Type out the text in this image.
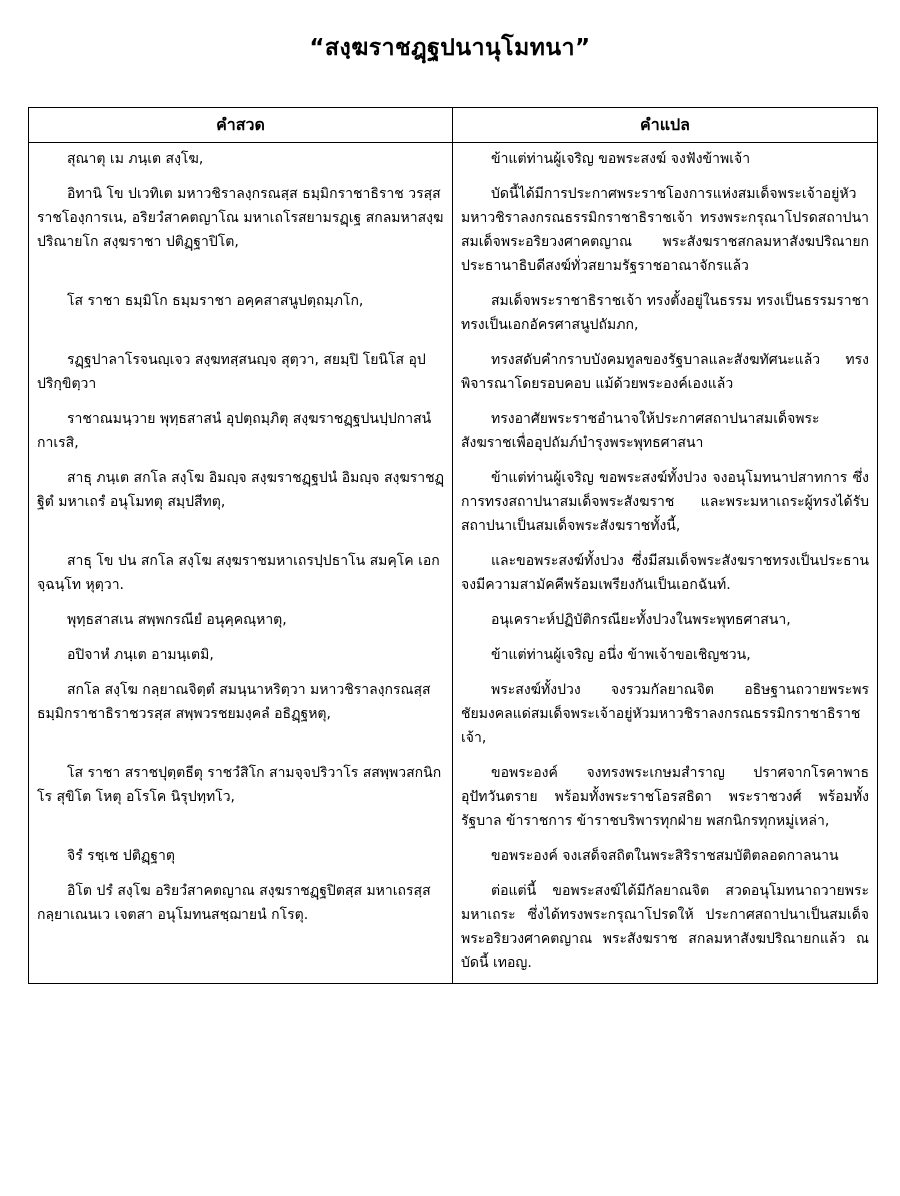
“สงฺฆราชฎฺฐปนานุโมทนา”
คำสวด	คำแปล
สุณาตุ เม ภนฺเต สงฺโฆ,	ข้าแต่ท่านผู้เจริญ ขอพระสงฆ์ จงฟังข้าพเจ้า
อิทานิ โข ปเวทิเต มหาวชิราลงฺกรณสฺส ธมฺมิกราชาธิราช วรสฺส ราชโองฺการเน, อริยวํสาคตญาโณ มหาเถโรสยามรฏฺเฐ สกลมหาสงฺฆปริณายโก สงฺฆราชา ปติฏฺฐาปิโต,	บัดนี้ได้มีการประกาศพระราชโองการแห่งสมเด็จพระเจ้าอยู่หัวมหาวชิราลงกรณธรรมิกราชาธิราชเจ้า ทรงพระกรุณาโปรดสถาปนาสมเด็จพระอริยวงศาคตญาณ พระสังฆราชสกลมหาสังฆปริณายก ประธานาธิบดีสงฆ์ทั่วสยามรัฐราชอาณาจักรแล้ว
โส ราชา ธมฺมิโก ธมฺมราชา อคฺคสาสนูปตฺถมฺภโก,	สมเด็จพระราชาธิราชเจ้า ทรงตั้งอยู่ในธรรม ทรงเป็นธรรมราชา ทรงเป็นเอกอัครศาสนูปถัมภก,
รฏฺฐปาลาโรจนญฺเจว สงฺฆทสฺสนญฺจ สุตฺวา, สยมฺปิ โยนิโส อุปปริกฺขิตฺวา	ทรงสดับคำกราบบังคมทูลของรัฐบาลและสังฆทัศนะแล้ว ทรงพิจารณาโดยรอบคอบ แม้ด้วยพระองค์เองแล้ว
ราชาณมนฺวาย พุทฺธสาสนํ อุปตฺถมฺภิตุ สงฺฆราชฏฺฐปนปฺปกาสนํ กาเรสิ,	ทรงอาศัยพระราชอำนาจให้ประกาศสถาปนาสมเด็จพระสังฆราชเพื่ออุปถัมภ์บำรุงพระพุทธศาสนา
สาธุ ภนฺเต สกโล สงฺโฆ อิมญฺจ สงฺฆราชฏฺฐปนํ อิมญฺจ สงฺฆราชฏฺฐิตํ มหาเถรํ อนุโมทตุ สมฺปสีทตุ,	ข้าแต่ท่านผู้เจริญ ขอพระสงฆ์ทั้งปวง จงอนุโมทนาปสาทการ ซึ่งการทรงสถาปนาสมเด็จพระสังฆราช และพระมหาเถระผู้ทรงได้รับสถาปนาเป็นสมเด็จพระสังฆราชทั้งนี้,
สาธุ โข ปน สกโล สงฺโฆ สงฺฆราชมหาเถรปฺปธาโน สมคฺโค เอกจฺฉนฺโท หุตฺวา.	และขอพระสงฆ์ทั้งปวง ซึ่งมีสมเด็จพระสังฆราชทรงเป็นประธาน จงมีความสามัคคีพร้อมเพรียงกันเป็นเอกฉันท์.
พุทฺธสาสเน สพฺพกรณียํ อนุคฺคณฺหาตุ,	อนุเคราะห์ปฏิบัติกรณียะทั้งปวงในพระพุทธศาสนา,
อปิจาหํ ภนฺเต อามนฺเตมิ,	ข้าแต่ท่านผู้เจริญ อนึ่ง ข้าพเจ้าขอเชิญชวน,
สกโล สงฺโฆ กลฺยาณจิตฺตํ สมนฺนาหริตฺวา มหาวชิราลงฺกรณสฺส ธมฺมิกราชาธิราชวรสฺส สพฺพวรชยมงฺคลํ อธิฏฺฐหตุ,	พระสงฆ์ทั้งปวง จงรวมกัลยาณจิต อธิษฐานถวายพระพรชัยมงคลแด่สมเด็จพระเจ้าอยู่หัวมหาวชิราลงกรณธรรมิกราชาธิราชเจ้า,
โส ราชา สราชปุตฺตธีตุ ราชวํสิโก สามจฺจปริวาโร สสพฺพวสกนิกโร สุขิโต โหตุ อโรโค นิรุปทฺทโว,	ขอพระองค์ จงทรงพระเกษมสำราญ ปราศจากโรคาพาธอุปัทวันตราย พร้อมทั้งพระราชโอรสธิดา พระราชวงศ์ พร้อมทั้งรัฐบาล ข้าราชการ ข้าราชบริพารทุกฝ่าย พสกนิกรทุกหมู่เหล่า,
จิรํ รชฺเช ปติฏฺฐาตุ	ขอพระองค์ จงเสด็จสถิตในพระสิริราชสมบัติตลอดกาลนาน
อิโต ปรํ สงฺโฆ อริยวํสาคตญาณ สงฺฆราชฏฺฐปิตสฺส มหาเถรสฺส กลฺยาเณนเว เจตสา อนุโมทนสชฺฌายนํ กโรตุ.	ต่อแต่นี้ ขอพระสงฆ์ได้มีกัลยาณจิต สวดอนุโมทนาถวายพระมหาเถระ ซึ่งได้ทรงพระกรุณาโปรดให้ ประกาศสถาปนาเป็นสมเด็จพระอริยวงศาคตญาณ พระสังฆราช สกลมหาสังฆปริณายกแล้ว ณ บัดนี้ เทอญ.
